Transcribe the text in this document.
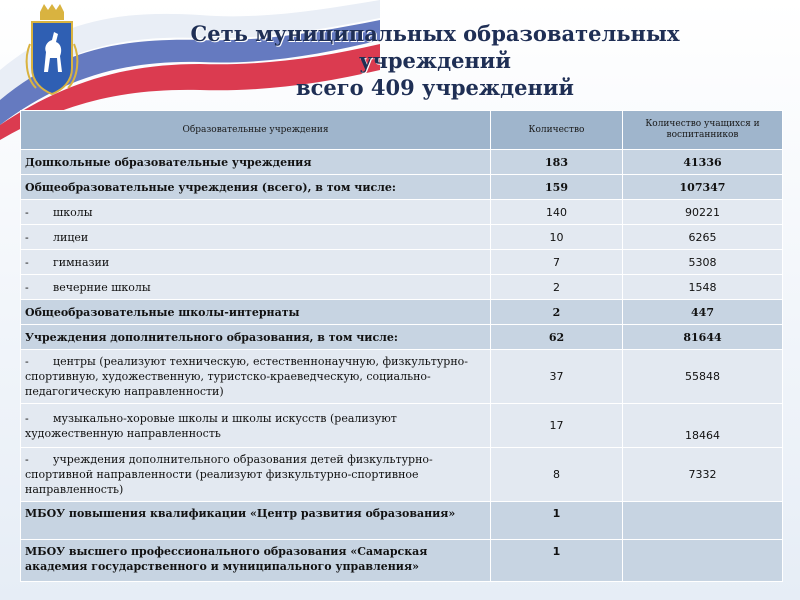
Сеть муниципальных образовательных
учреждений
всего 409 учреждений
Образовательные учреждения	Количество	Количество учащихся и воспитанников
Дошкольные образовательные учреждения	183	41336
Общеобразовательные учреждения (всего), в том числе:	159	107347
- школы	140	90221
- лицеи	10	6265
- гимназии	7	5308
- вечерние школы	2	1548
Общеобразовательные школы-интернаты	2	447
Учреждения дополнительного образования, в том числе:	62	81644
- центры (реализуют техническую, естественнонаучную, физкультурно-спортивную, художественную, туристско-краеведческую, социально-педагогическую направленности)	37	55848
- музыкально-хоровые школы и школы искусств (реализуют художественную направленность	17	18464
- учреждения дополнительного образования детей физкультурно-спортивной направленности (реализуют физкультурно-спортивное направленность)	8	7332
МБОУ повышения квалификации «Центр развития образования»	1	
МБОУ высшего профессионального образования «Самарская академия государственного и муниципального управления»	1	
